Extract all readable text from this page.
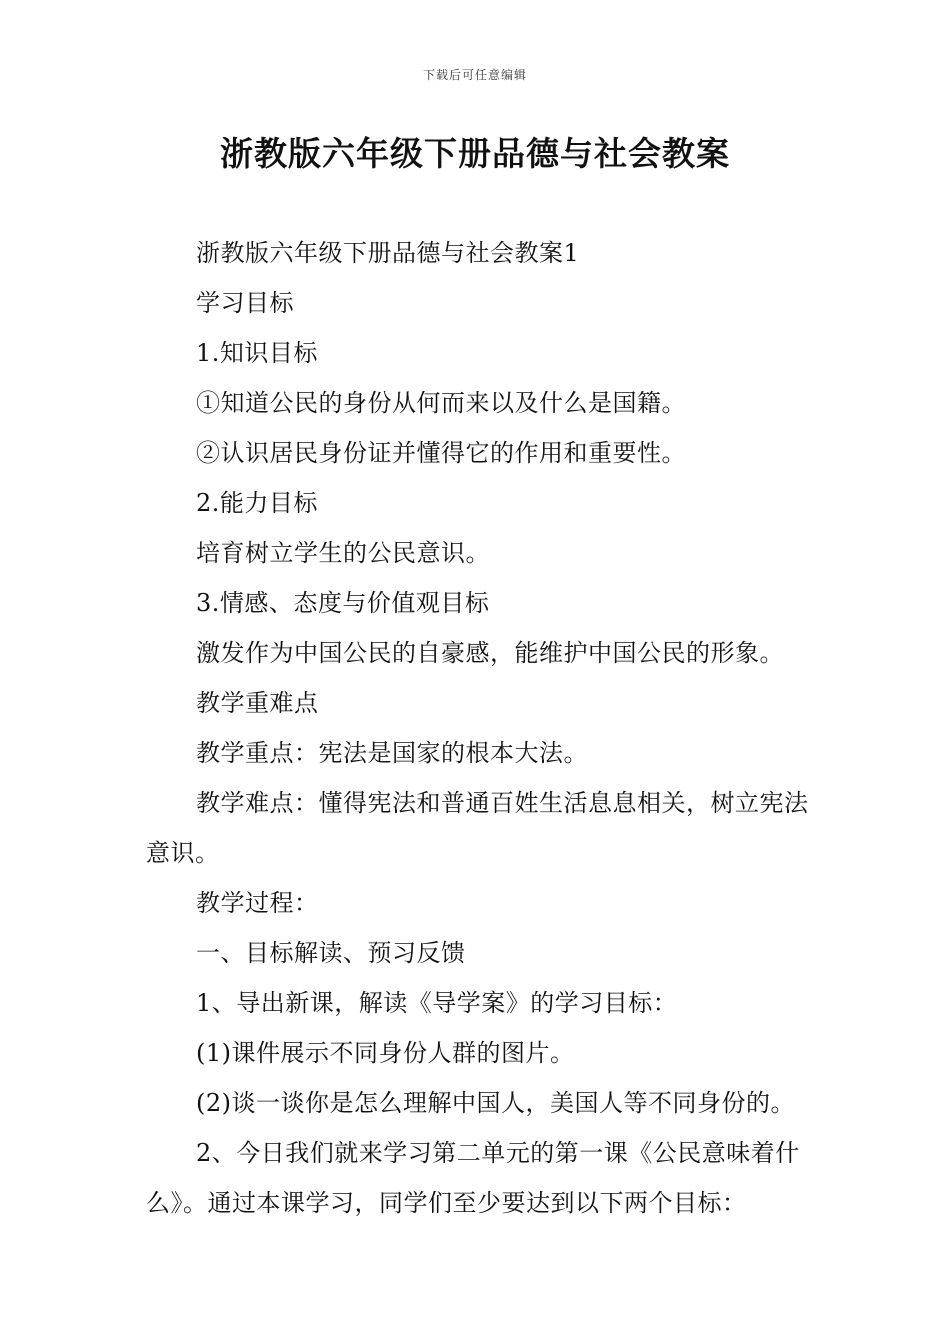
下载后可任意编辑
浙教版六年级下册品德与社会教案

浙教版六年级下册品德与社会教案1

学习目标

1.知识目标

①知道公民的身份从何而来以及什么是国籍。

②认识居民身份证并懂得它的作用和重要性。

2.能力目标

培育树立学生的公民意识。

3.情感、态度与价值观目标

激发作为中国公民的自豪感，能维护中国公民的形象。

教学重难点

教学重点：宪法是国家的根本大法。

教学难点：懂得宪法和普通百姓生活息息相关，树立宪法意识。

教学过程：

一、目标解读、预习反馈

1、导出新课，解读《导学案》的学习目标：

(1)课件展示不同身份人群的图片。

(2)谈一谈你是怎么理解中国人，美国人等不同身份的。

2、今日我们就来学习第二单元的第一课《公民意味着什么》。通过本课学习，同学们至少要达到以下两个目标：
